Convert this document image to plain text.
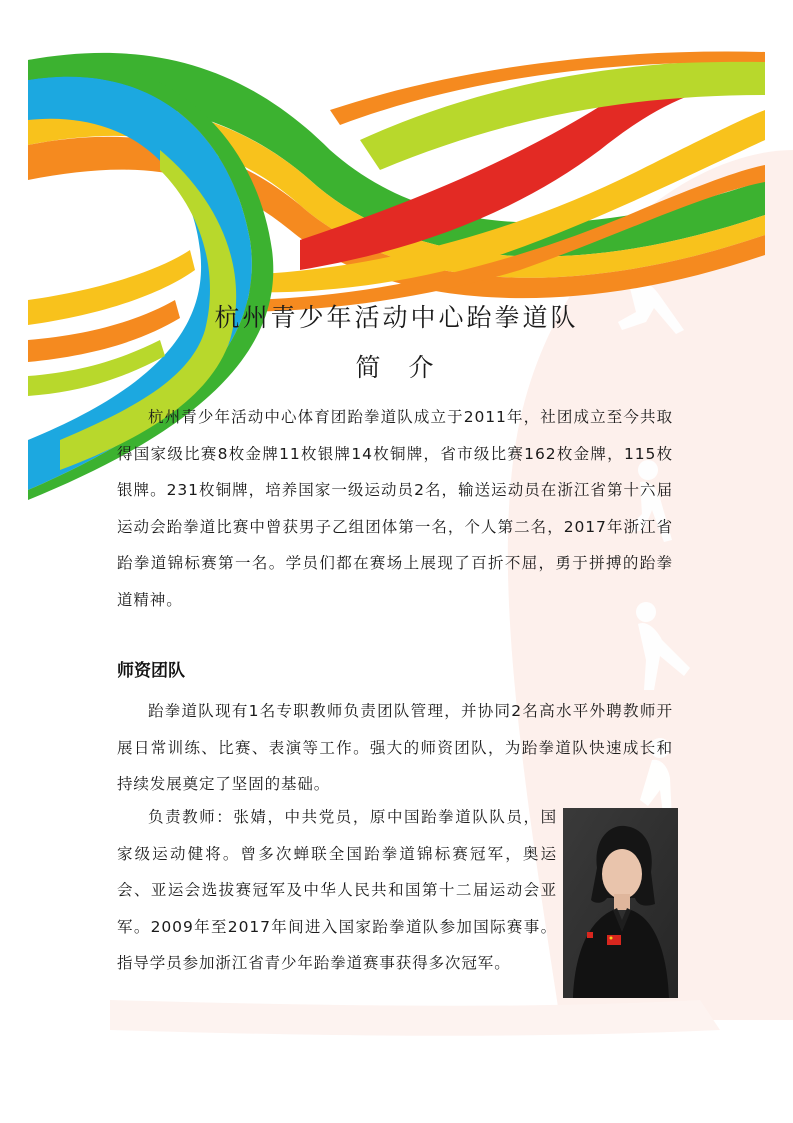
杭州青少年活动中心跆拳道队
简介

杭州青少年活动中心体育团跆拳道队成立于2011年，社团成立至今共取得国家级比赛8枚金牌11枚银牌14枚铜牌，省市级比赛162枚金牌，115枚银牌。231枚铜牌，培养国家一级运动员2名，输送运动员在浙江省第十六届运动会跆拳道比赛中曾获男子乙组团体第一名，个人第二名，2017年浙江省跆拳道锦标赛第一名。学员们都在赛场上展现了百折不屈，勇于拼搏的跆拳道精神。

师资团队

跆拳道队现有1名专职教师负责团队管理，并协同2名高水平外聘教师开展日常训练、比赛、表演等工作。强大的师资团队，为跆拳道队快速成长和持续发展奠定了坚固的基础。

负责教师：张婧，中共党员，原中国跆拳道队队员，国家级运动健将。曾多次蝉联全国跆拳道锦标赛冠军，奥运会、亚运会选拔赛冠军及中华人民共和国第十二届运动会亚军。2009年至2017年间进入国家跆拳道队参加国际赛事。指导学员参加浙江省青少年跆拳道赛事获得多次冠军。
